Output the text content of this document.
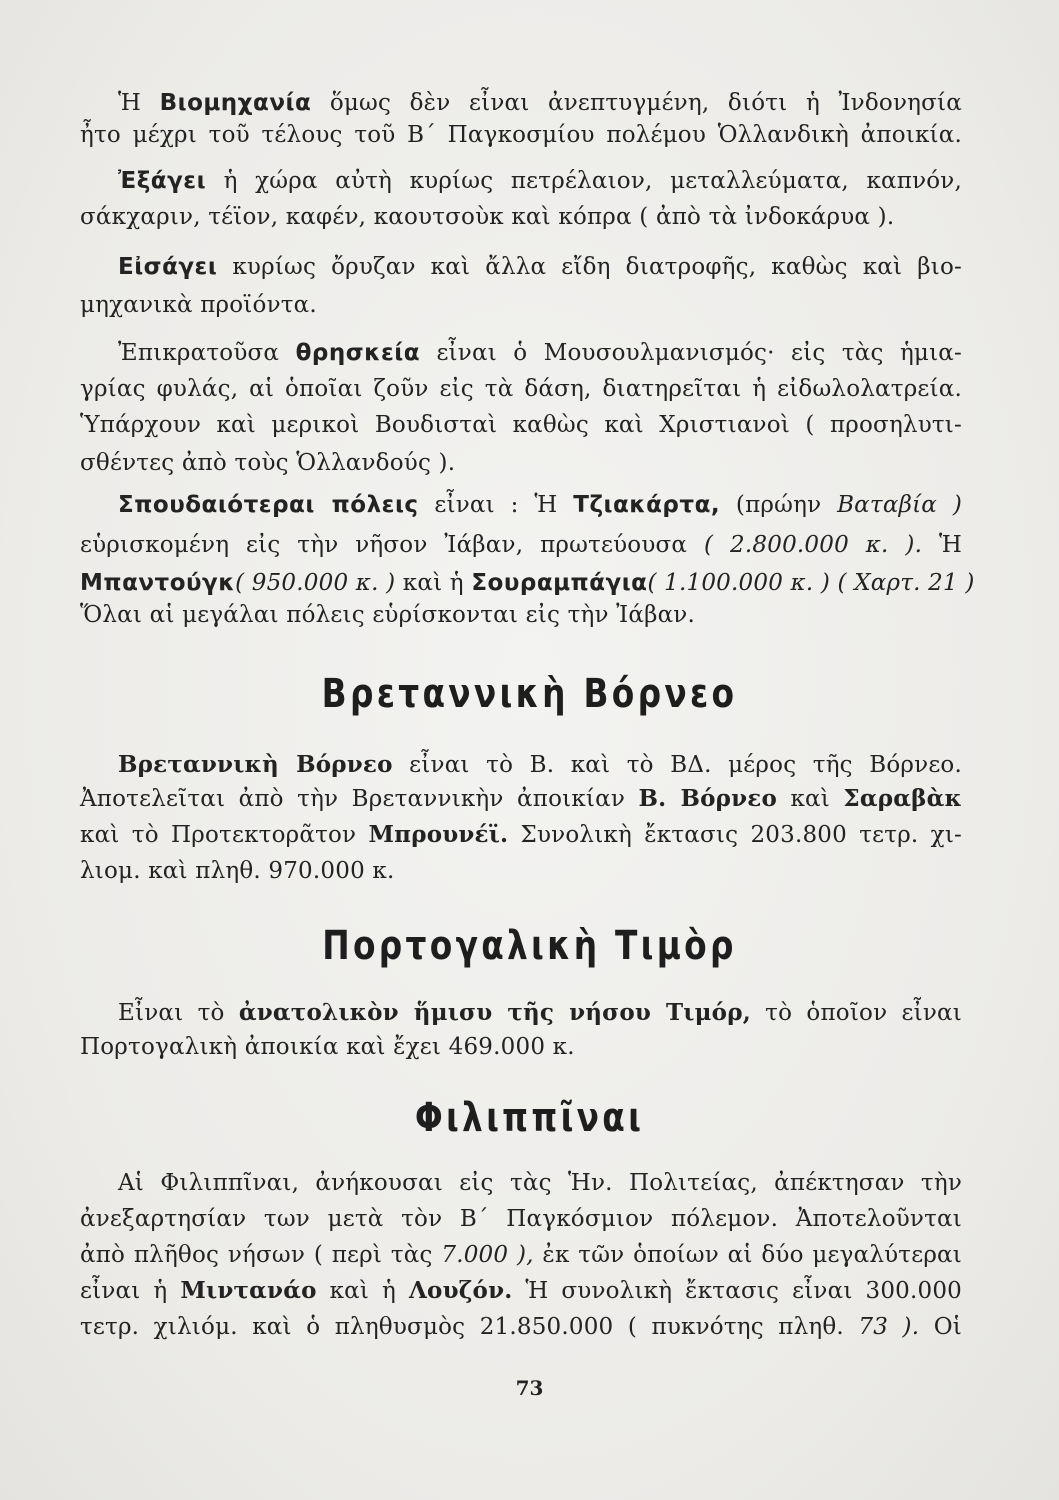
Ἡ Βιομηχανία ὅμως δὲν εἶναι ἀνεπτυγμένη, διότι ἡ Ἰνδονησία
ἦτο μέχρι τοῦ τέλους τοῦ Β΄ Παγκοσμίου πολέμου Ὁλλανδικὴ ἀποικία.
Ἐξάγει ἡ χώρα αὐτὴ κυρίως πετρέλαιον, μεταλλεύματα, καπνόν,
σάκχαριν, τέϊον, καφέν, καουτσοὺκ καὶ κόπρα ( ἀπὸ τὰ ἰνδοκάρυα ).
Εἰσάγει κυρίως ὄρυζαν καὶ ἄλλα εἴδη διατροφῆς, καθὼς καὶ βιο-
μηχανικὰ προϊόντα.
Ἐπικρατοῦσα θρησκεία εἶναι ὁ Μουσουλμανισμός· εἰς τὰς ἡμια-
γρίας φυλάς, αἱ ὁποῖαι ζοῦν εἰς τὰ δάση, διατηρεῖται ἡ εἰδωλολατρεία.
Ὑπάρχουν καὶ μερικοὶ Βουδισταὶ καθὼς καὶ Χριστιανοὶ ( προσηλυτι-
σθέντες ἀπὸ τοὺς Ὁλλανδούς ).
Σπουδαιότεραι πόλεις εἶναι : Ἡ Τζιακάρτα, (πρώην Βαταβία )
εὑρισκομένη εἰς τὴν νῆσον Ἰάβαν, πρωτεύουσα ( 2.800.000 κ. ). Ἡ
Μπαντούγκ( 950.000 κ. ) καὶ ἡ Σουραμπάγια( 1.100.000 κ. ) ( Χαρτ. 21 )
Ὅλαι αἱ μεγάλαι πόλεις εὑρίσκονται εἰς τὴν Ἰάβαν.
Βρεταννικὴ Βόρνεο
Βρεταννικὴ Βόρνεο εἶναι τὸ Β. καὶ τὸ ΒΔ. μέρος τῆς Βόρνεο.
Ἀποτελεῖται ἀπὸ τὴν Βρεταννικὴν ἀποικίαν Β. Βόρνεο καὶ Σαραβὰκ
καὶ τὸ Προτεκτορᾶτον Μπρουνέϊ. Συνολικὴ ἔκτασις 203.800 τετρ. χι-
λιομ. καὶ πληθ. 970.000 κ.
Πορτογαλικὴ Τιμὸρ
Εἶναι τὸ ἀνατολικὸν ἥμισυ τῆς νήσου Τιμόρ, τὸ ὁποῖον εἶναι
Πορτογαλικὴ ἀποικία καὶ ἔχει 469.000 κ.
Φιλιππῖναι
Αἱ Φιλιππῖναι, ἀνήκουσαι εἰς τὰς Ἡν. Πολιτείας, ἀπέκτησαν τὴν
ἀνεξαρτησίαν των μετὰ τὸν Β΄ Παγκόσμιον πόλεμον. Ἀποτελοῦνται
ἀπὸ πλῆθος νήσων ( περὶ τὰς 7.000 ), ἐκ τῶν ὁποίων αἱ δύο μεγαλύτεραι
εἶναι ἡ Μιντανάο καὶ ἡ Λουζόν. Ἡ συνολικὴ ἔκτασις εἶναι 300.000
τετρ. χιλιόμ. καὶ ὁ πληθυσμὸς 21.850.000 ( πυκνότης πληθ. 73 ). Οἱ
73
